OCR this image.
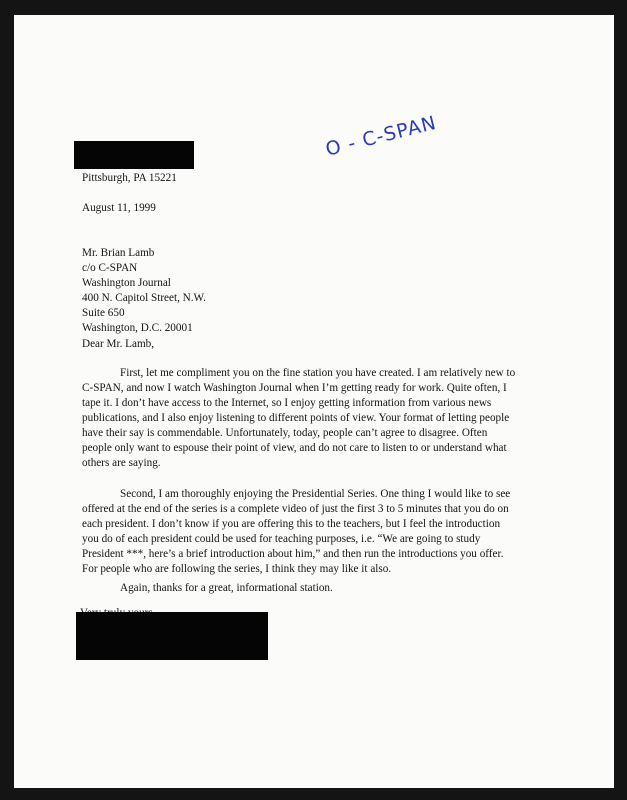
O - C-SPAN
Pittsburgh, PA 15221
August 11, 1999
Mr. Brian Lamb
c/o C-SPAN
Washington Journal
400 N. Capitol Street, N.W.
Suite 650
Washington, D.C. 20001
Dear Mr. Lamb,
First, let me compliment you on the fine station you have created. I am relatively new to
C-SPAN, and now I watch Washington Journal when I’m getting ready for work. Quite often, I
tape it. I don’t have access to the Internet, so I enjoy getting information from various news
publications, and I also enjoy listening to different points of view. Your format of letting people
have their say is commendable. Unfortunately, today, people can’t agree to disagree. Often
people only want to espouse their point of view, and do not care to listen to or understand what
others are saying.
Second, I am thoroughly enjoying the Presidential Series. One thing I would like to see
offered at the end of the series is a complete video of just the first 3 to 5 minutes that you do on
each president. I don’t know if you are offering this to the teachers, but I feel the introduction
you do of each president could be used for teaching purposes, i.e. “We are going to study
President ***, here’s a brief introduction about him,” and then run the introductions you offer.
For people who are following the series, I think they may like it also.
Again, thanks for a great, informational station.
